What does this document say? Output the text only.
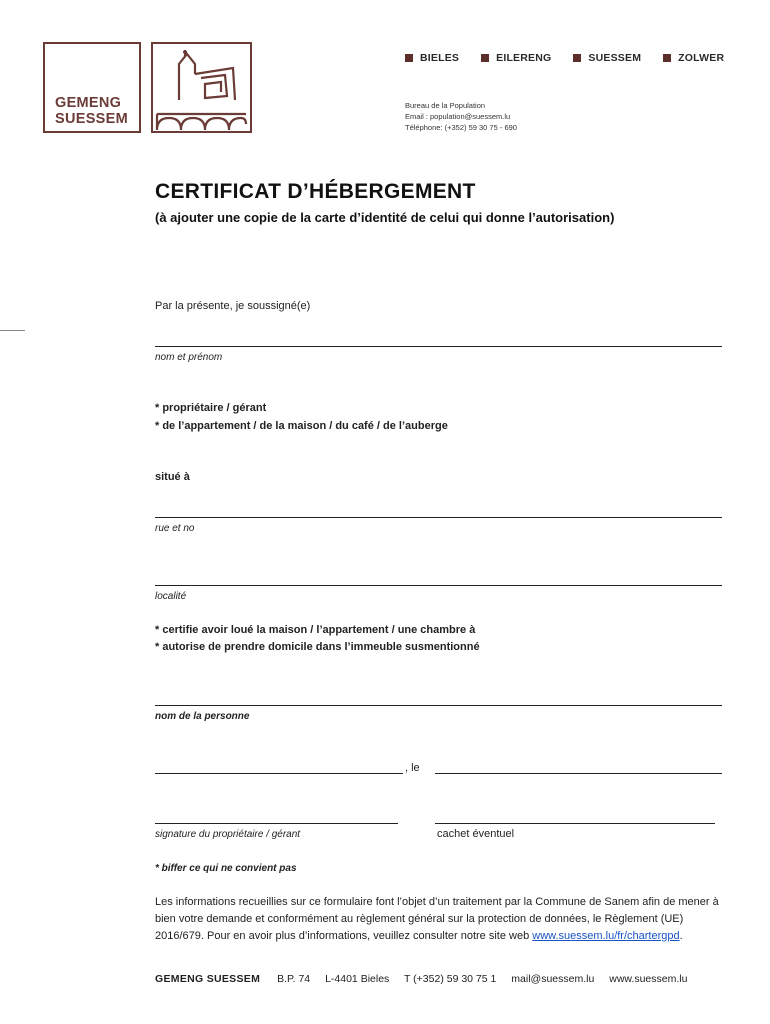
GEMENG
SUESSEM
BIELES	EILERENG	SUESSEM	ZOLWER
Bureau de la Population
Email : population@suessem.lu
Téléphone: (+352) 59 30 75 - 690
CERTIFICAT D’HÉBERGEMENT
(à ajouter une copie de la carte d’identité de celui qui donne l’autorisation)
Par la présente, je soussigné(e)
nom et prénom
* propriétaire / gérant
* de l’appartement / de la maison / du café / de l’auberge
situé à
rue et no
localité
* certifie avoir loué la maison / l’appartement / une chambre à
* autorise de prendre domicile dans l’immeuble susmentionné
nom de la personne
, le
signature du propriétaire / gérant	cachet éventuel
* biffer ce qui ne convient pas
Les informations recueillies sur ce formulaire font l’objet d’un traitement par la Commune de Sanem afin de mener à bien votre demande et conformément au règlement général sur la protection de données, le Règlement (UE) 2016/679. Pour en avoir plus d’informations, veuillez consulter notre site web www.suessem.lu/fr/chartergpd.
GEMENG SUESSEM B.P. 74 L-4401 Bieles T (+352) 59 30 75 1 mail@suessem.lu www.suessem.lu
